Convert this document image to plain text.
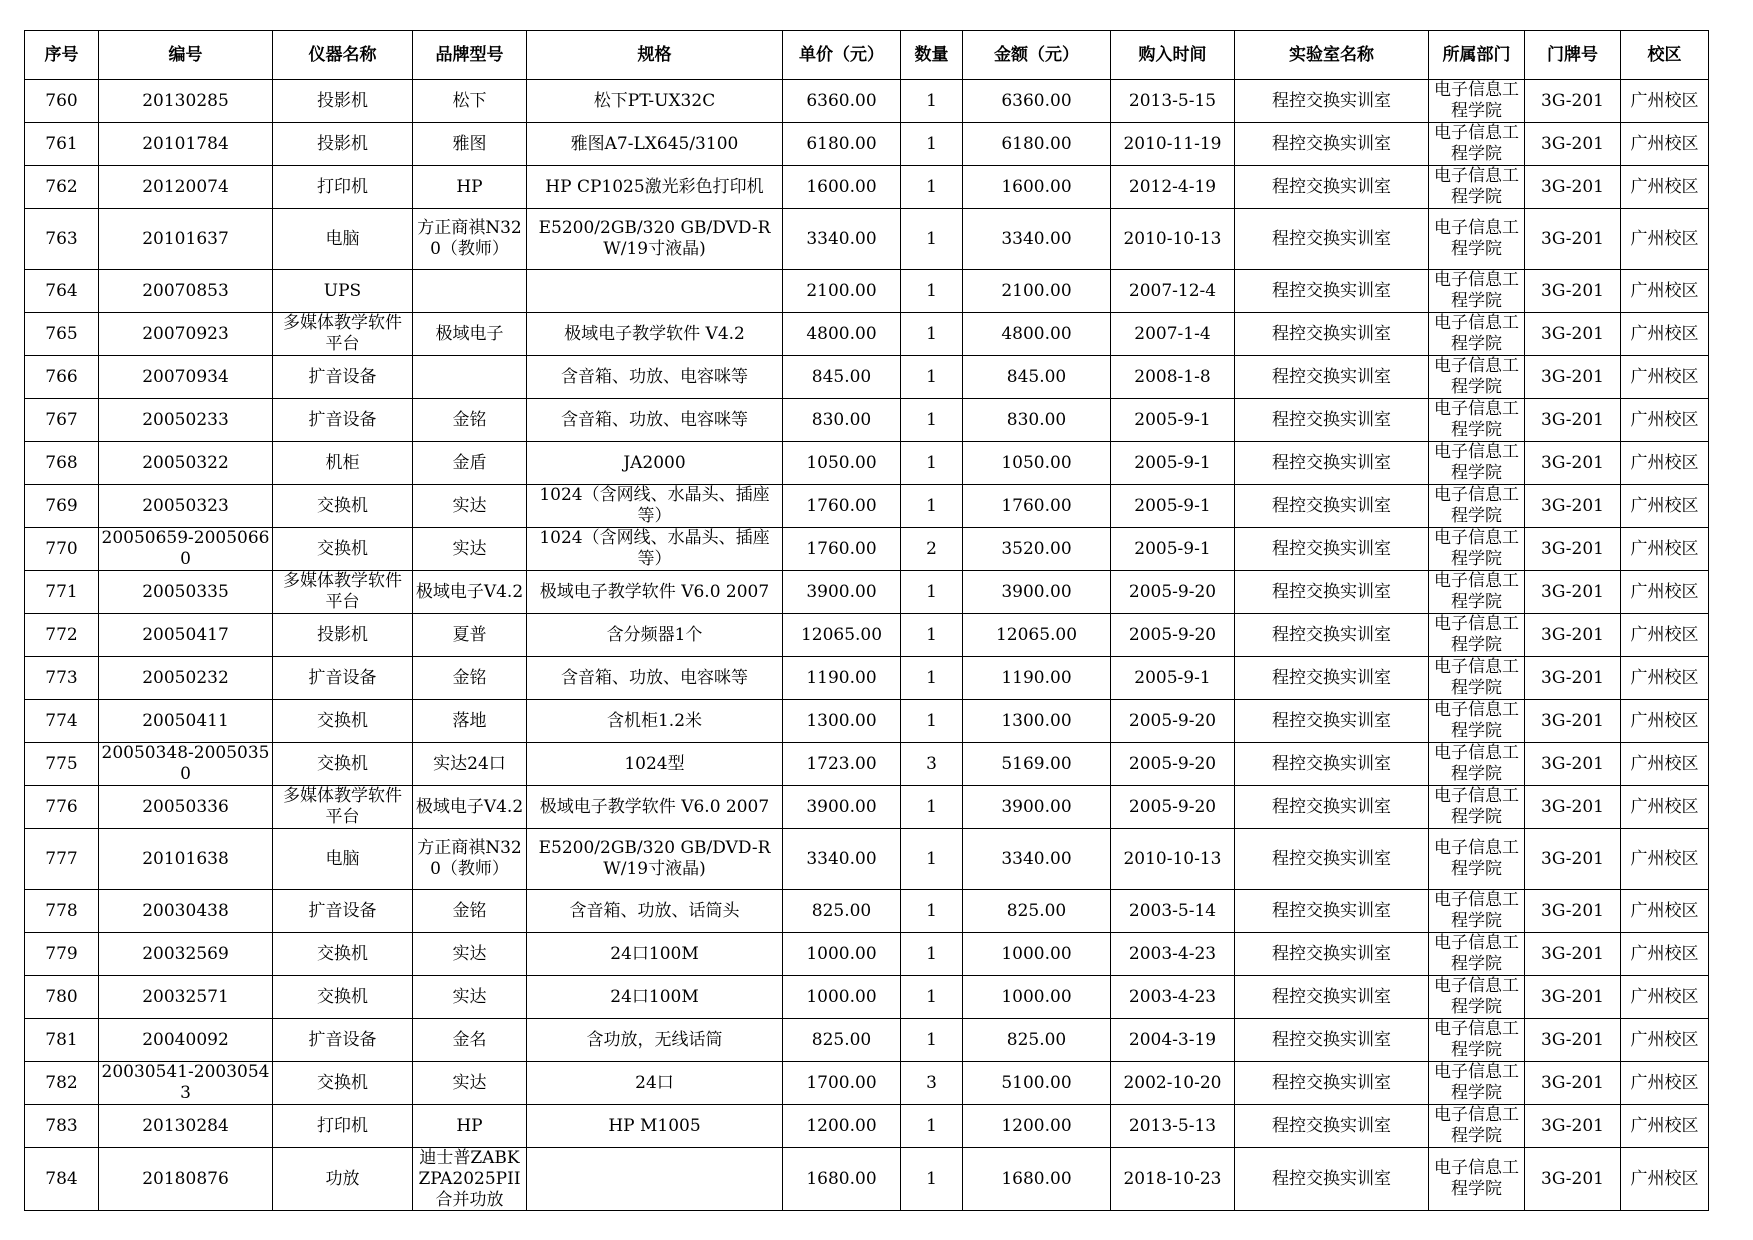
序号	编号	仪器名称	品牌型号	规格	单价（元）	数量	金额（元）	购入时间	实验室名称	所属部门	门牌号	校区

760	20130285	投影机	松下	松下PT-UX32C	6360.00	1	6360.00	2013-5-15	程控交换实训室	电子信息工程学院	3G-201	广州校区

761	20101784	投影机	雅图	雅图A7-LX645/3100	6180.00	1	6180.00	2010-11-19	程控交换实训室	电子信息工程学院	3G-201	广州校区

762	20120074	打印机	HP	HP CP1025激光彩色打印机	1600.00	1	1600.00	2012-4-19	程控交换实训室	电子信息工程学院	3G-201	广州校区

763	20101637	电脑	方正商祺N320（教师）	E5200/2GB/320 GB/DVD-RW/19寸液晶)	3340.00	1	3340.00	2010-10-13	程控交换实训室	电子信息工程学院	3G-201	广州校区

764	20070853	UPS			2100.00	1	2100.00	2007-12-4	程控交换实训室	电子信息工程学院	3G-201	广州校区

765	20070923	多媒体教学软件平台	极域电子	极域电子教学软件 V4.2	4800.00	1	4800.00	2007-1-4	程控交换实训室	电子信息工程学院	3G-201	广州校区

766	20070934	扩音设备		含音箱、功放、电容咪等	845.00	1	845.00	2008-1-8	程控交换实训室	电子信息工程学院	3G-201	广州校区

767	20050233	扩音设备	金铭	含音箱、功放、电容咪等	830.00	1	830.00	2005-9-1	程控交换实训室	电子信息工程学院	3G-201	广州校区

768	20050322	机柜	金盾	JA2000	1050.00	1	1050.00	2005-9-1	程控交换实训室	电子信息工程学院	3G-201	广州校区

769	20050323	交换机	实达	1024（含网线、水晶头、插座等）	1760.00	1	1760.00	2005-9-1	程控交换实训室	电子信息工程学院	3G-201	广州校区

770	20050659-20050660	交换机	实达	1024（含网线、水晶头、插座等）	1760.00	2	3520.00	2005-9-1	程控交换实训室	电子信息工程学院	3G-201	广州校区

771	20050335	多媒体教学软件平台	极域电子V4.2	极域电子教学软件 V6.0 2007	3900.00	1	3900.00	2005-9-20	程控交换实训室	电子信息工程学院	3G-201	广州校区

772	20050417	投影机	夏普	含分频器1个	12065.00	1	12065.00	2005-9-20	程控交换实训室	电子信息工程学院	3G-201	广州校区

773	20050232	扩音设备	金铭	含音箱、功放、电容咪等	1190.00	1	1190.00	2005-9-1	程控交换实训室	电子信息工程学院	3G-201	广州校区

774	20050411	交换机	落地	含机柜1.2米	1300.00	1	1300.00	2005-9-20	程控交换实训室	电子信息工程学院	3G-201	广州校区

775	20050348-20050350	交换机	实达24口	1024型	1723.00	3	5169.00	2005-9-20	程控交换实训室	电子信息工程学院	3G-201	广州校区

776	20050336	多媒体教学软件平台	极域电子V4.2	极域电子教学软件 V6.0 2007	3900.00	1	3900.00	2005-9-20	程控交换实训室	电子信息工程学院	3G-201	广州校区

777	20101638	电脑	方正商祺N320（教师）	E5200/2GB/320 GB/DVD-RW/19寸液晶)	3340.00	1	3340.00	2010-10-13	程控交换实训室	电子信息工程学院	3G-201	广州校区

778	20030438	扩音设备	金铭	含音箱、功放、话筒头	825.00	1	825.00	2003-5-14	程控交换实训室	电子信息工程学院	3G-201	广州校区

779	20032569	交换机	实达	24口100M	1000.00	1	1000.00	2003-4-23	程控交换实训室	电子信息工程学院	3G-201	广州校区

780	20032571	交换机	实达	24口100M	1000.00	1	1000.00	2003-4-23	程控交换实训室	电子信息工程学院	3G-201	广州校区

781	20040092	扩音设备	金名	含功放，无线话筒	825.00	1	825.00	2004-3-19	程控交换实训室	电子信息工程学院	3G-201	广州校区

782	20030541-20030543	交换机	实达	24口	1700.00	3	5100.00	2002-10-20	程控交换实训室	电子信息工程学院	3G-201	广州校区

783	20130284	打印机	HP	HP M1005	1200.00	1	1200.00	2013-5-13	程控交换实训室	电子信息工程学院	3G-201	广州校区

784	20180876	功放	迪士普ZABKZPA2025PII合并功放		1680.00	1	1680.00	2018-10-23	程控交换实训室	电子信息工程学院	3G-201	广州校区
